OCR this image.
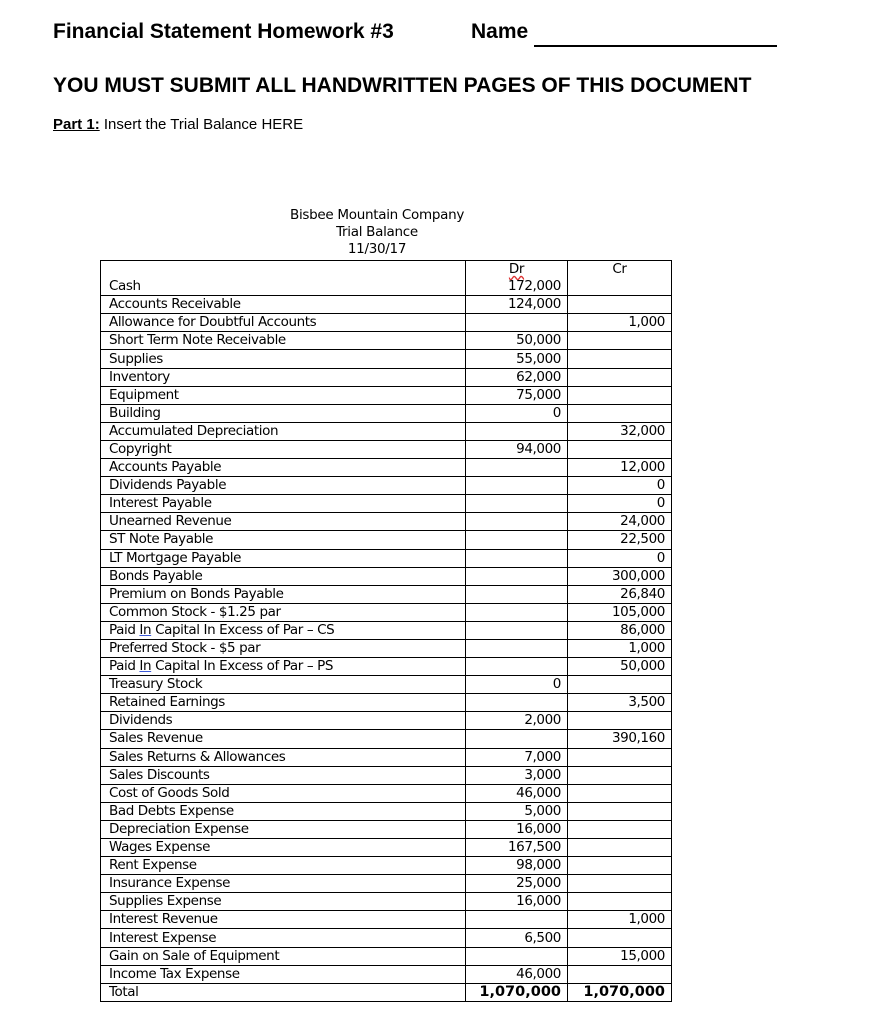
Financial Statement Homework #3	Name
YOU MUST SUBMIT ALL HANDWRITTEN PAGES OF THIS DOCUMENT
Part 1: Insert the Trial Balance HERE
Bisbee Mountain Company
Trial Balance
11/30/17
	Dr	Cr
Cash	172,000	
Accounts Receivable	124,000	
Allowance for Doubtful Accounts		1,000
Short Term Note Receivable	50,000	
Supplies	55,000	
Inventory	62,000	
Equipment	75,000	
Building	0	
Accumulated Depreciation		32,000
Copyright	94,000	
Accounts Payable		12,000
Dividends Payable		0
Interest Payable		0
Unearned Revenue		24,000
ST Note Payable		22,500
LT Mortgage Payable		0
Bonds Payable		300,000
Premium on Bonds Payable		26,840
Common Stock - $1.25 par		105,000
Paid In Capital In Excess of Par – CS		86,000
Preferred Stock - $5 par		1,000
Paid In Capital In Excess of Par – PS		50,000
Treasury Stock	0	
Retained Earnings		3,500
Dividends	2,000	
Sales Revenue		390,160
Sales Returns & Allowances	7,000	
Sales Discounts	3,000	
Cost of Goods Sold	46,000	
Bad Debts Expense	5,000	
Depreciation Expense	16,000	
Wages Expense	167,500	
Rent Expense	98,000	
Insurance Expense	25,000	
Supplies Expense	16,000	
Interest Revenue		1,000
Interest Expense	6,500	
Gain on Sale of Equipment		15,000
Income Tax Expense	46,000	
Total	1,070,000	1,070,000
